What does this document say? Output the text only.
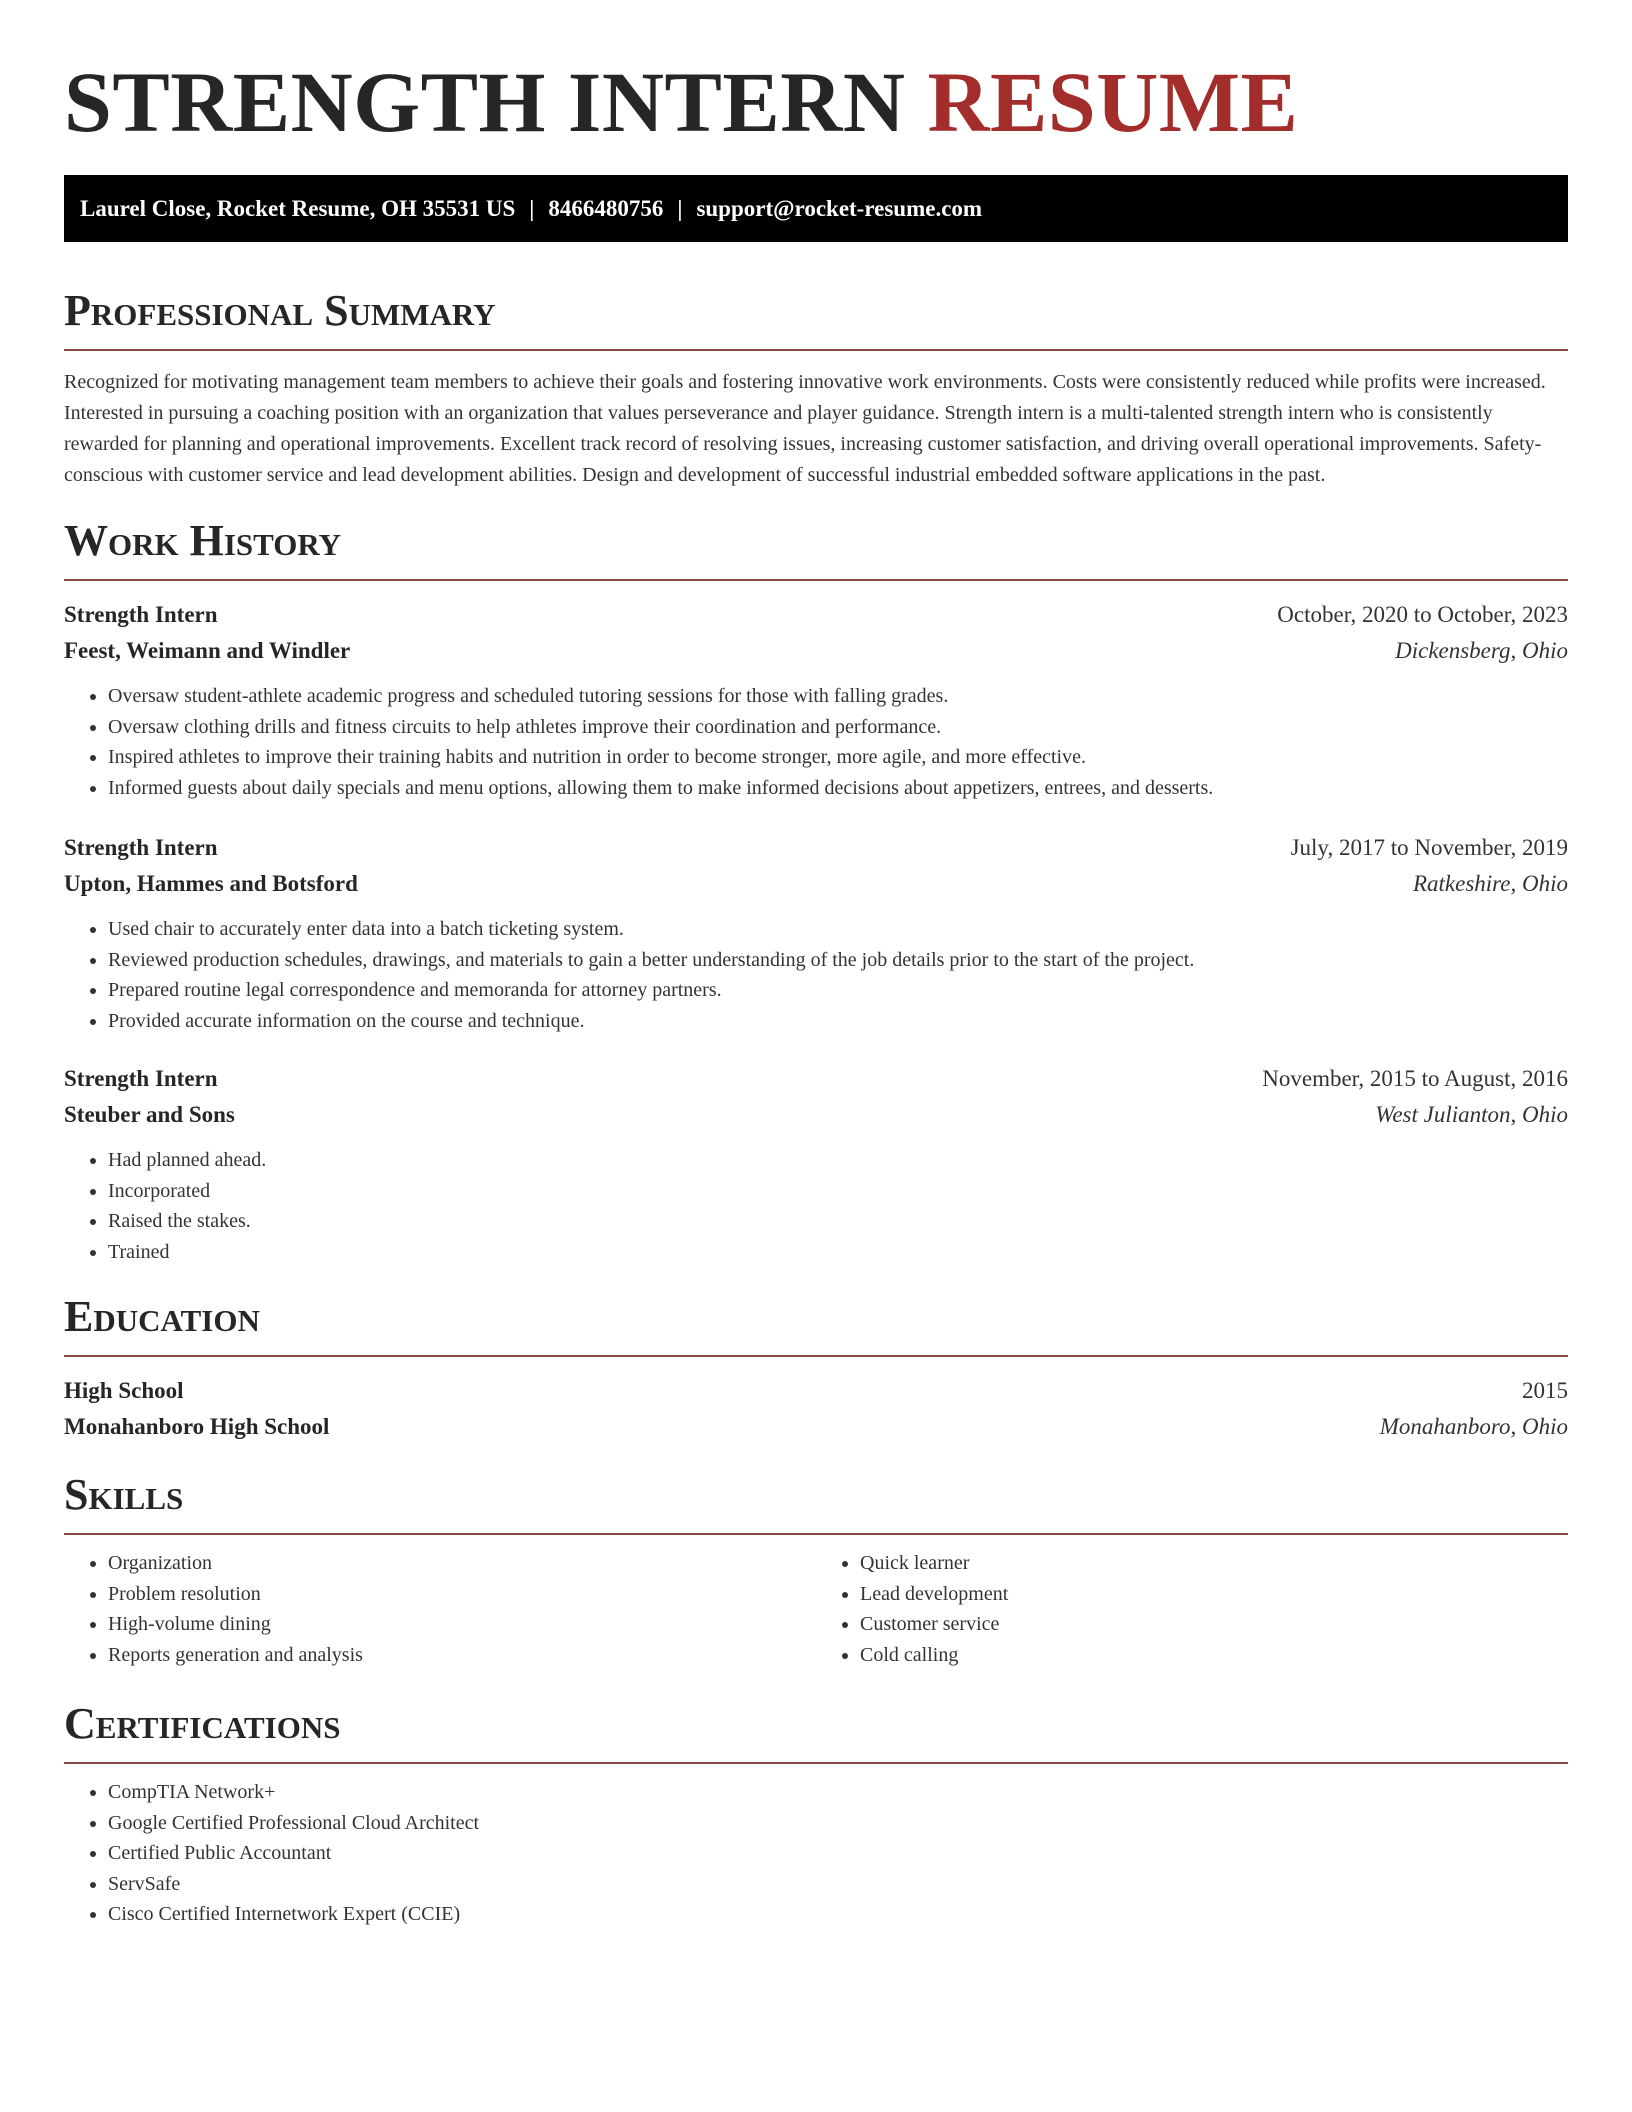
STRENGTH INTERN RESUME
Laurel Close, Rocket Resume, OH 35531 US | 8466480756 | support@rocket-resume.com
Professional Summary

Recognized for motivating management team members to achieve their goals and fostering innovative work environments. Costs were consistently reduced while profits were increased. Interested in pursuing a coaching position with an organization that values perseverance and player guidance. Strength intern is a multi-talented strength intern who is consistently rewarded for planning and operational improvements. Excellent track record of resolving issues, increasing customer satisfaction, and driving overall operational improvements. Safety-conscious with customer service and lead development abilities. Design and development of successful industrial embedded software applications in the past.

Work History
Strength Intern	October, 2020 to October, 2023
Feest, Weimann and Windler	Dickensberg, Ohio
• Oversaw student-athlete academic progress and scheduled tutoring sessions for those with falling grades.
• Oversaw clothing drills and fitness circuits to help athletes improve their coordination and performance.
• Inspired athletes to improve their training habits and nutrition in order to become stronger, more agile, and more effective.
• Informed guests about daily specials and menu options, allowing them to make informed decisions about appetizers, entrees, and desserts.
Strength Intern	July, 2017 to November, 2019
Upton, Hammes and Botsford	Ratkeshire, Ohio
• Used chair to accurately enter data into a batch ticketing system.
• Reviewed production schedules, drawings, and materials to gain a better understanding of the job details prior to the start of the project.
• Prepared routine legal correspondence and memoranda for attorney partners.
• Provided accurate information on the course and technique.
Strength Intern	November, 2015 to August, 2016
Steuber and Sons	West Julianton, Ohio
• Had planned ahead.
• Incorporated
• Raised the stakes.
• Trained
Education
High School	2015
Monahanboro High School	Monahanboro, Ohio
Skills
• Organization
• Problem resolution
• High-volume dining
• Reports generation and analysis
• Quick learner
• Lead development
• Customer service
• Cold calling
Certifications
• CompTIA Network+
• Google Certified Professional Cloud Architect
• Certified Public Accountant
• ServSafe
• Cisco Certified Internetwork Expert (CCIE)
